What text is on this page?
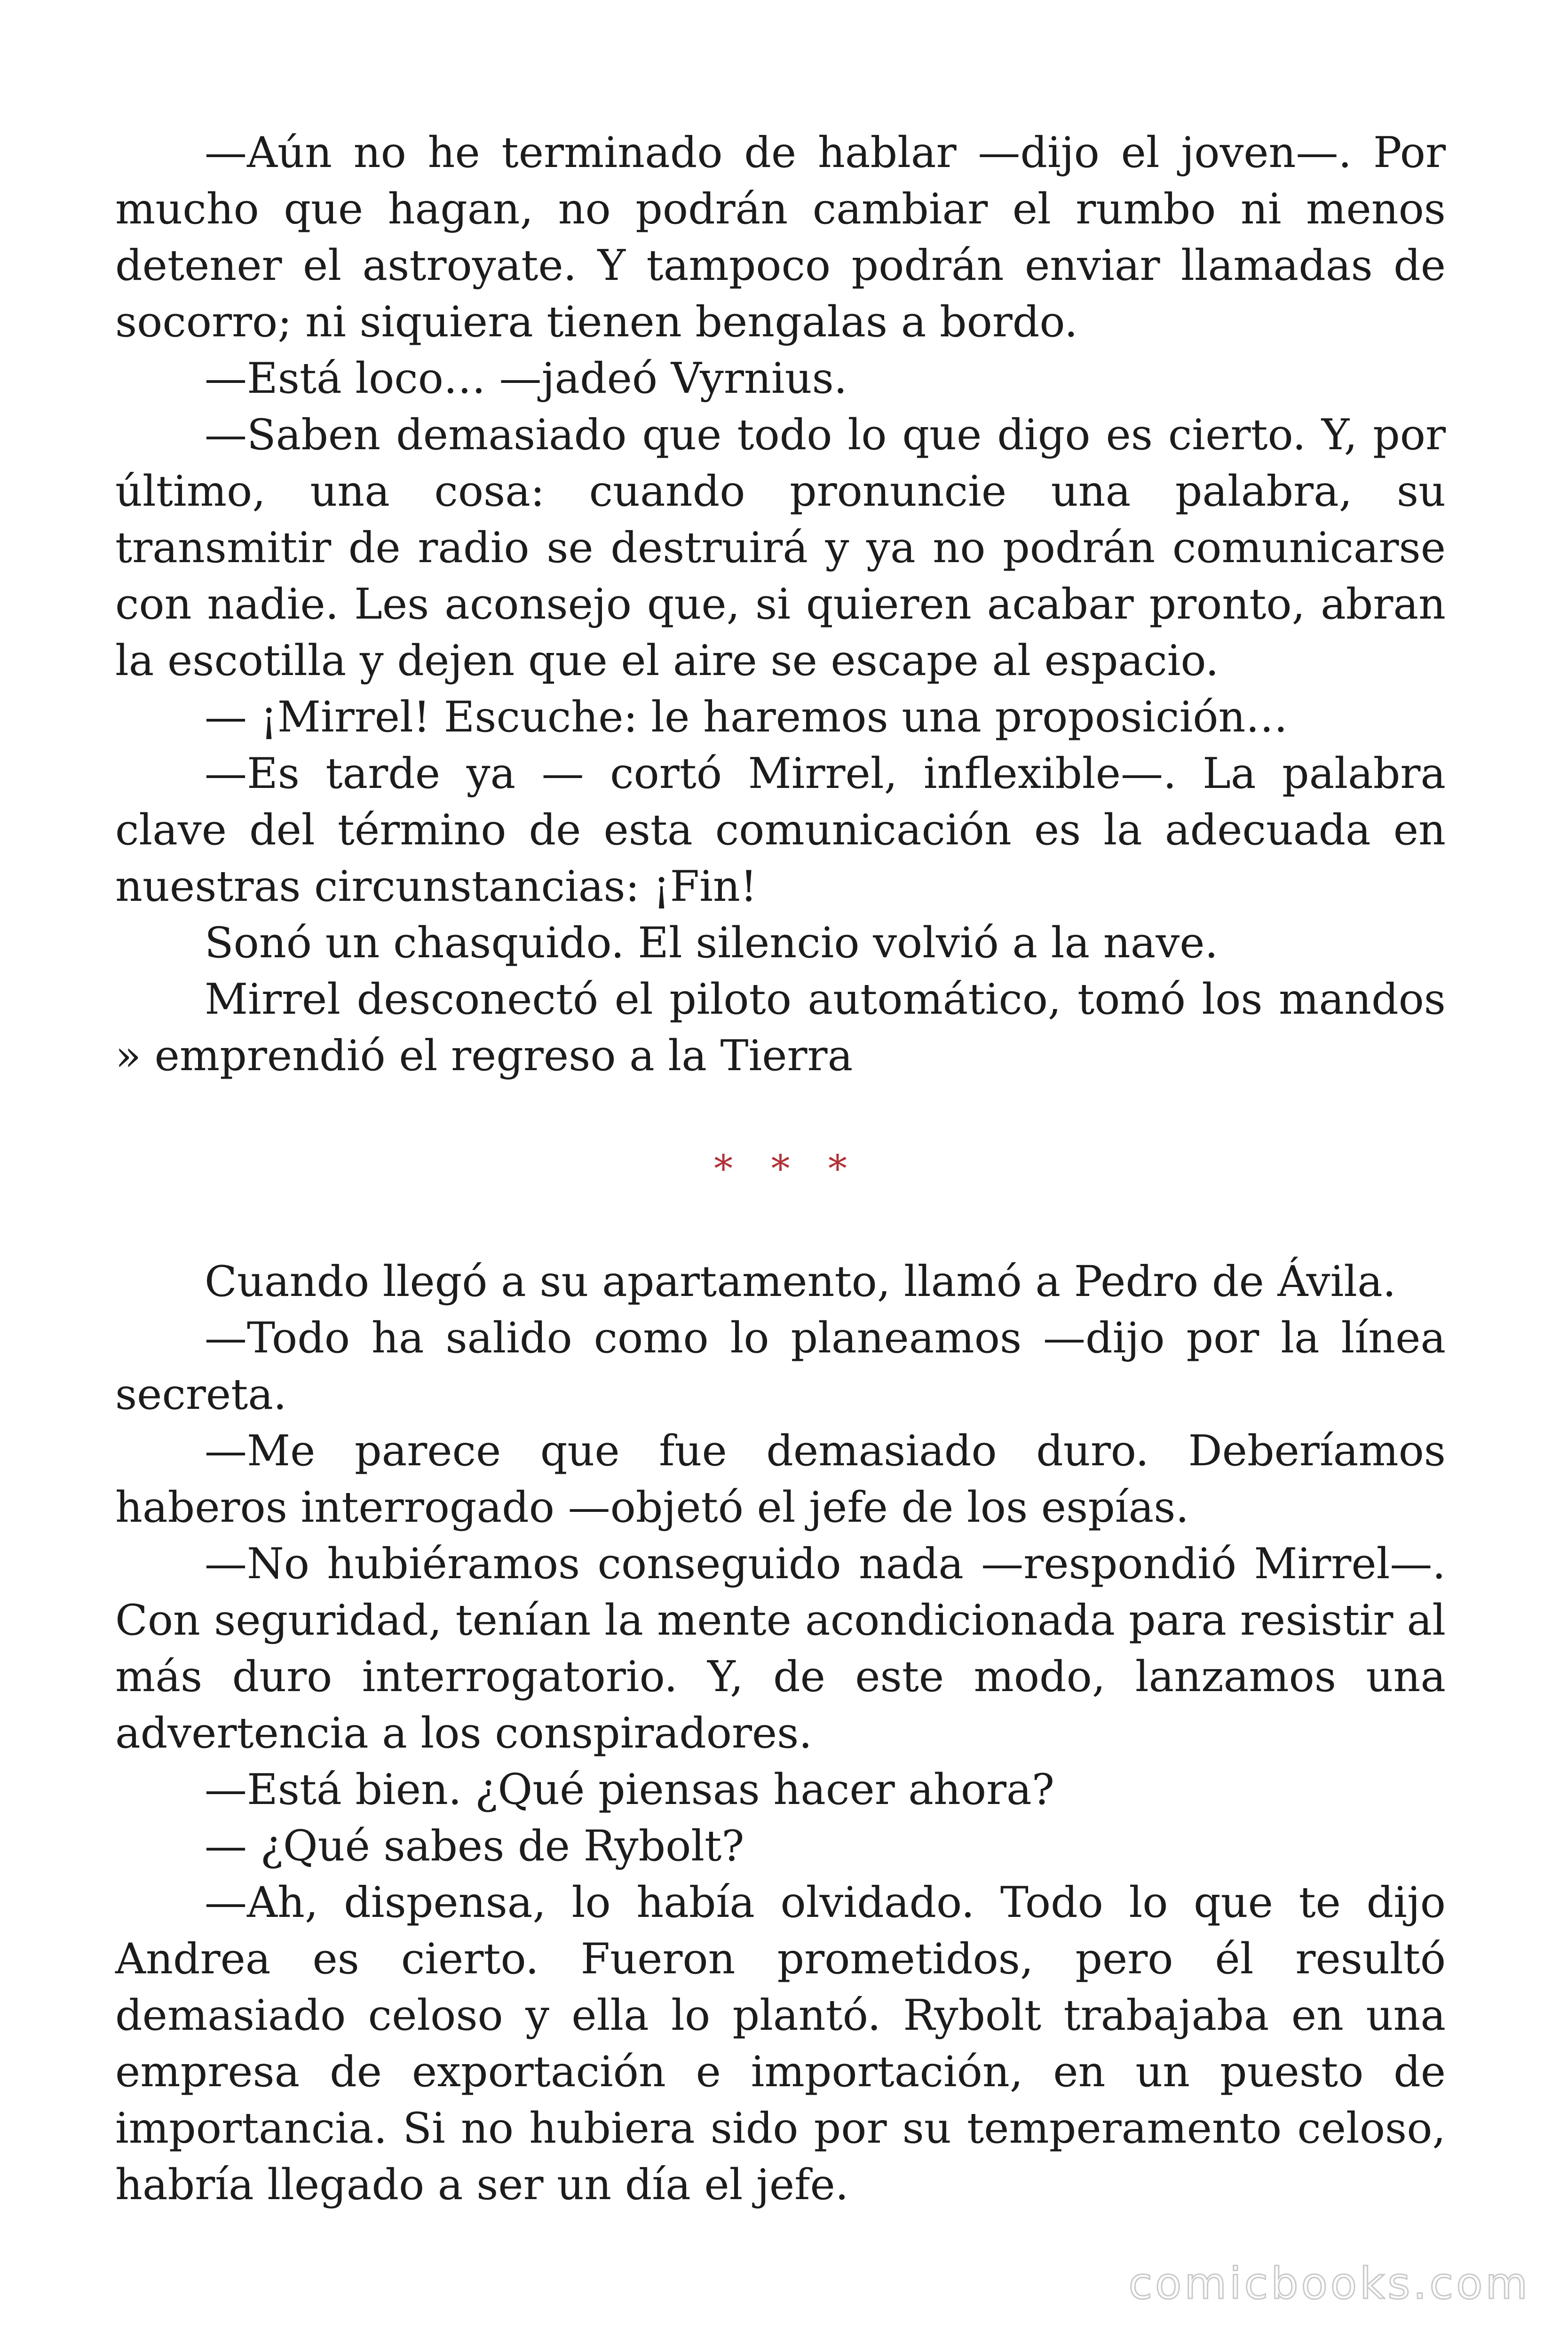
—Aún no he terminado de hablar —dijo el joven—. Por mucho que hagan, no podrán cambiar el rumbo ni menos detener el astroyate. Y tampoco podrán enviar llamadas de socorro; ni siquiera tienen bengalas a bordo.

—Está loco… —jadeó Vyrnius.

—Saben demasiado que todo lo que digo es cierto. Y, por último, una cosa: cuando pronuncie una palabra, su transmitir de radio se destruirá y ya no podrán comunicarse con nadie. Les aconsejo que, si quieren acabar pronto, abran la escotilla y dejen que el aire se escape al espacio.

— ¡Mirrel! Escuche: le haremos una proposición…

—Es tarde ya — cortó Mirrel, inflexible—. La palabra clave del término de esta comunicación es la adecuada en nuestras circunstancias: ¡Fin!

Sonó un chasquido. El silencio volvió a la nave.

Mirrel desconectó el piloto automático, tomó los mandos » emprendió el regreso a la Tierra

* * *

Cuando llegó a su apartamento, llamó a Pedro de Ávila.

—Todo ha salido como lo planeamos —dijo por la línea secreta.

—Me parece que fue demasiado duro. Deberíamos haberos interrogado —objetó el jefe de los espías.

—No hubiéramos conseguido nada —respondió Mirrel—. Con seguridad, tenían la mente acondicionada para resistir al más duro interrogatorio. Y, de este modo, lanzamos una advertencia a los conspiradores.

—Está bien. ¿Qué piensas hacer ahora?

— ¿Qué sabes de Rybolt?

—Ah, dispensa, lo había olvidado. Todo lo que te dijo Andrea es cierto. Fueron prometidos, pero él resultó demasiado celoso y ella lo plantó. Rybolt trabajaba en una empresa de exportación e importación, en un puesto de importancia. Si no hubiera sido por su temperamento celoso, habría llegado a ser un día el jefe.

comicbooks.com
